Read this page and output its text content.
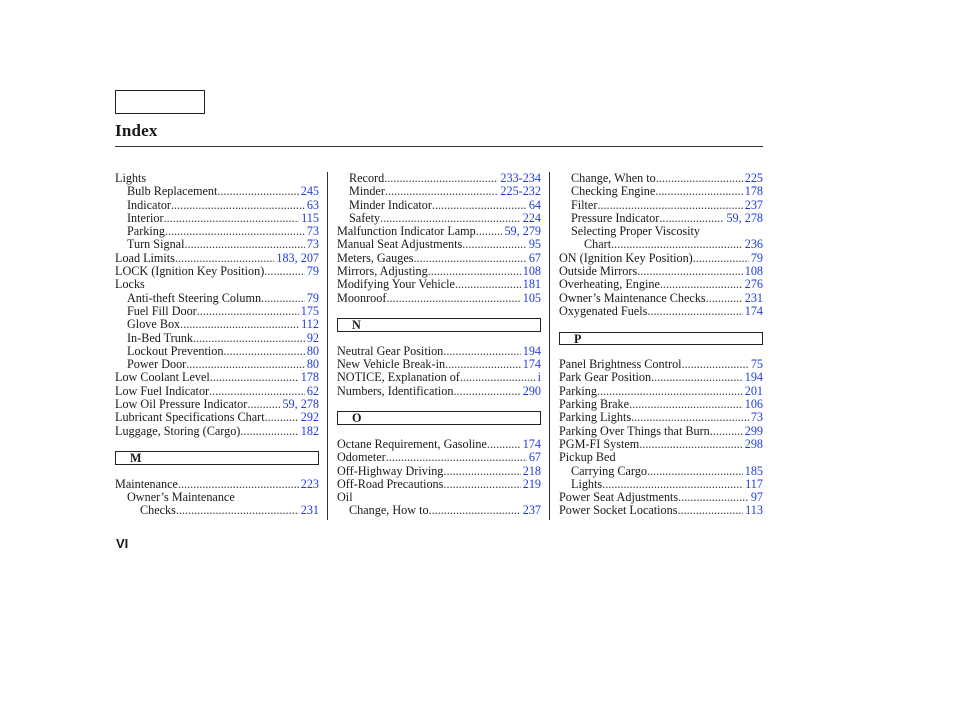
Index
Lights
Bulb Replacement .....	245
Indicator .....	63
Interior .....	115
Parking .....	73
Turn Signal .....	73
Load Limits .....	183, 207
LOCK (Ignition Key Position) .....	79
Locks
Anti-theft Steering Column .....	79
Fuel Fill Door .....	175
Glove Box .....	112
In-Bed Trunk .....	92
Lockout Prevention .....	80
Power Door .....	80
Low Coolant Level .....	178
Low Fuel Indicator .....	62
Low Oil Pressure Indicator .....	59, 278
Lubricant Specifications Chart .....	292
Luggage, Storing (Cargo) .....	182
M
Maintenance .....	223
Owner’s Maintenance
Checks .....	231
Record .....	233-234
Minder .....	225-232
Minder Indicator .....	64
Safety .....	224
Malfunction Indicator Lamp ..... 59, 279
Manual Seat Adjustments .....	95
Meters, Gauges .....	67
Mirrors, Adjusting .....	108
Modifying Your Vehicle .....	181
Moonroof .....	105
N
Neutral Gear Position .....	194
New Vehicle Break-in .....	174
NOTICE, Explanation of .....	i
Numbers, Identification .....	290
O
Octane Requirement, Gasoline .....	174
Odometer .....	67
Off-Highway Driving .....	218
Off-Road Precautions .....	219
Oil
Change, How to .....	237
Change, When to .....	225
Checking Engine .....	178
Filter .....	237
Pressure Indicator .....	59, 278
Selecting Proper Viscosity
Chart .....	236
ON (Ignition Key Position) .....	79
Outside Mirrors .....	108
Overheating, Engine .....	276
Owner’s Maintenance Checks .....	231
Oxygenated Fuels .....	174
P
Panel Brightness Control .....	75
Park Gear Position .....	194
Parking .....	201
Parking Brake .....	106
Parking Lights .....	73
Parking Over Things that Burn .....	299
PGM-FI System .....	298
Pickup Bed
Carrying Cargo .....	185
Lights .....	117
Power Seat Adjustments .....	97
Power Socket Locations .....	113
VI
